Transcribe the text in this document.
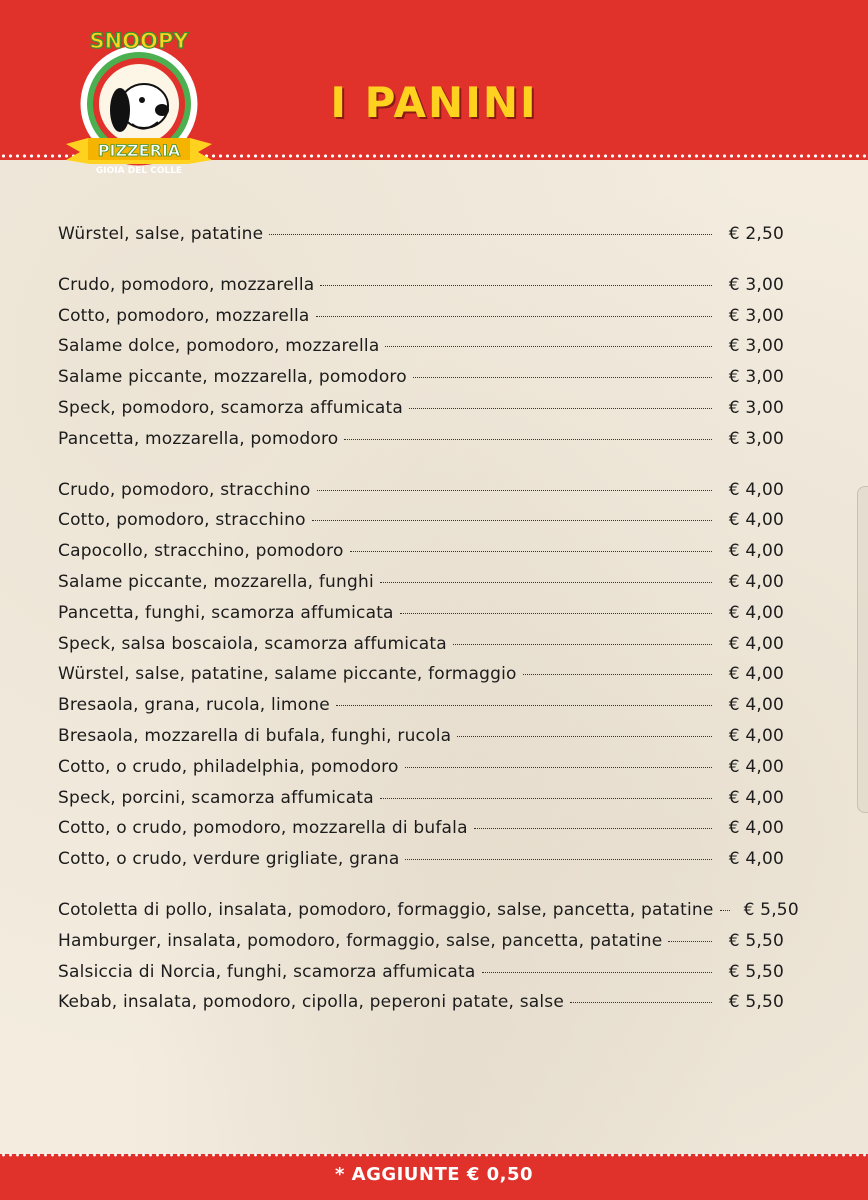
SNOOPY
PIZZERIA
GIOIA DEL COLLE
I PANINI
Würstel, salse, patatine	€ 2,50
Crudo, pomodoro, mozzarella	€ 3,00
Cotto, pomodoro, mozzarella	€ 3,00
Salame dolce, pomodoro, mozzarella	€ 3,00
Salame piccante, mozzarella, pomodoro	€ 3,00
Speck, pomodoro, scamorza affumicata	€ 3,00
Pancetta, mozzarella, pomodoro	€ 3,00
Crudo, pomodoro, stracchino	€ 4,00
Cotto, pomodoro, stracchino	€ 4,00
Capocollo, stracchino, pomodoro	€ 4,00
Salame piccante, mozzarella, funghi	€ 4,00
Pancetta, funghi, scamorza affumicata	€ 4,00
Speck, salsa boscaiola, scamorza affumicata	€ 4,00
Würstel, salse, patatine, salame piccante, formaggio	€ 4,00
Bresaola, grana, rucola, limone	€ 4,00
Bresaola, mozzarella di bufala, funghi, rucola	€ 4,00
Cotto, o crudo, philadelphia, pomodoro	€ 4,00
Speck, porcini, scamorza affumicata	€ 4,00
Cotto, o crudo, pomodoro, mozzarella di bufala	€ 4,00
Cotto, o crudo, verdure grigliate, grana	€ 4,00
Cotoletta di pollo, insalata, pomodoro, formaggio, salse, pancetta, patatine € 5,50
Hamburger, insalata, pomodoro, formaggio, salse, pancetta, patatine	€ 5,50
Salsiccia di Norcia, funghi, scamorza affumicata	€ 5,50
Kebab, insalata, pomodoro, cipolla, peperoni patate, salse	€ 5,50
* AGGIUNTE € 0,50
